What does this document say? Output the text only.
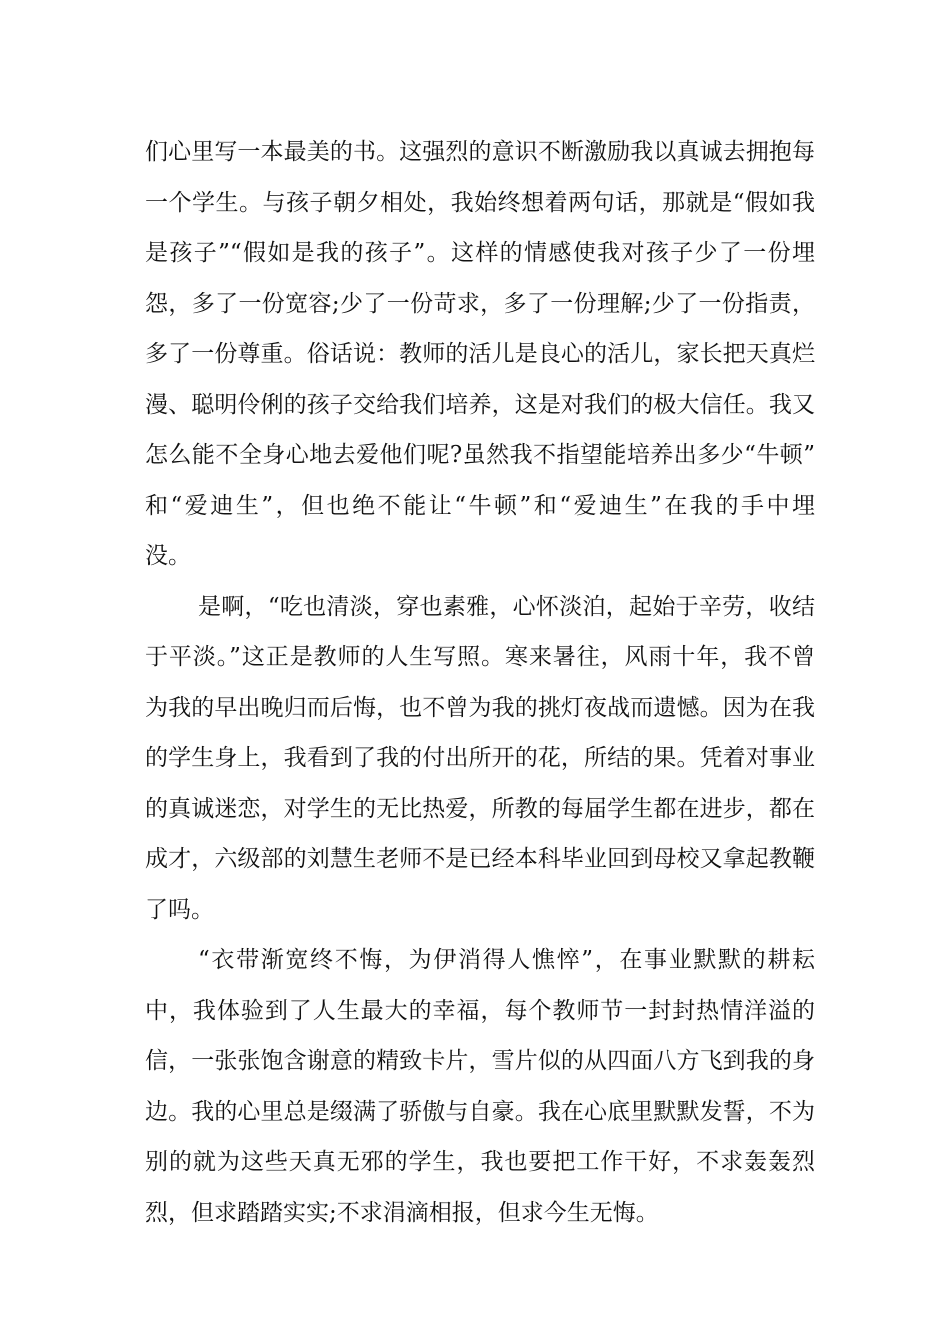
们心里写一本最美的书。这强烈的意识不断激励我以真诚去拥抱每
一个学生。与孩子朝夕相处，我始终想着两句话，那就是“假如我
是孩子”“假如是我的孩子”。这样的情感使我对孩子少了一份埋
怨，多了一份宽容;少了一份苛求，多了一份理解;少了一份指责，
多了一份尊重。俗话说：教师的活儿是良心的活儿，家长把天真烂
漫、聪明伶俐的孩子交给我们培养，这是对我们的极大信任。我又
怎么能不全身心地去爱他们呢?虽然我不指望能培养出多少“牛顿”
和“爱迪生”，但也绝不能让“牛顿”和“爱迪生”在我的手中埋
没。
是啊，“吃也清淡，穿也素雅，心怀淡泊，起始于辛劳，收结
于平淡。”这正是教师的人生写照。寒来暑往，风雨十年，我不曾
为我的早出晚归而后悔，也不曾为我的挑灯夜战而遗憾。因为在我
的学生身上，我看到了我的付出所开的花，所结的果。凭着对事业
的真诚迷恋，对学生的无比热爱，所教的每届学生都在进步，都在
成才，六级部的刘慧生老师不是已经本科毕业回到母校又拿起教鞭
了吗。
“衣带渐宽终不悔，为伊消得人憔悴”，在事业默默的耕耘
中，我体验到了人生最大的幸福，每个教师节一封封热情洋溢的
信，一张张饱含谢意的精致卡片，雪片似的从四面八方飞到我的身
边。我的心里总是缀满了骄傲与自豪。我在心底里默默发誓，不为
别的就为这些天真无邪的学生，我也要把工作干好，不求轰轰烈
烈，但求踏踏实实;不求涓滴相报，但求今生无悔。
